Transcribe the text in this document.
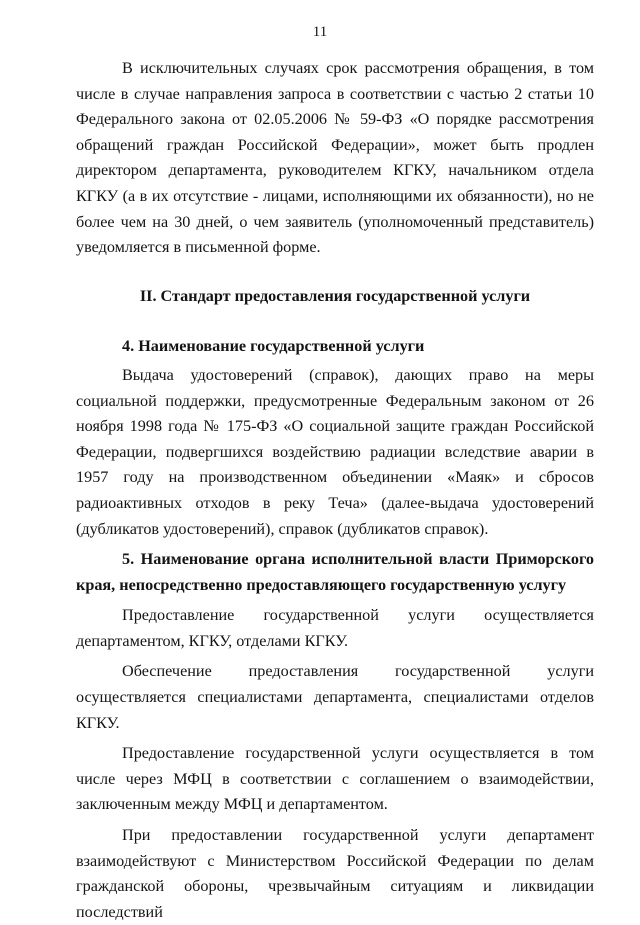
11

В исключительных случаях срок рассмотрения обращения, в том числе в случае направления запроса в соответствии с частью 2 статьи 10 Федерального закона от 02.05.2006 № 59-ФЗ «О порядке рассмотрения обращений граждан Российской Федерации», может быть продлен директором департамента, руководителем КГКУ, начальником отдела КГКУ (а в их отсутствие - лицами, исполняющими их обязанности), но не более чем на 30 дней, о чем заявитель (уполномоченный представитель) уведомляется в письменной форме.

II. Стандарт предоставления государственной услуги

4. Наименование государственной услуги

Выдача удостоверений (справок), дающих право на меры социальной поддержки, предусмотренные Федеральным законом от 26 ноября 1998 года № 175-ФЗ «О социальной защите граждан Российской Федерации, подвергшихся воздействию радиации вследствие аварии в 1957 году на производственном объединении «Маяк» и сбросов радиоактивных отходов в реку Теча» (далее-выдача удостоверений (дубликатов удостоверений), справок (дубликатов справок).

5. Наименование органа исполнительной власти Приморского края, непосредственно предоставляющего государственную услугу

Предоставление государственной услуги осуществляется департаментом, КГКУ, отделами КГКУ.

Обеспечение предоставления государственной услуги осуществляется специалистами департамента, специалистами отделов КГКУ.

Предоставление государственной услуги осуществляется в том числе через МФЦ в соответствии с соглашением о взаимодействии, заключенным между МФЦ и департаментом.

При предоставлении государственной услуги департамент взаимодействуют с Министерством Российской Федерации по делам гражданской обороны, чрезвычайным ситуациям и ликвидации последствий
